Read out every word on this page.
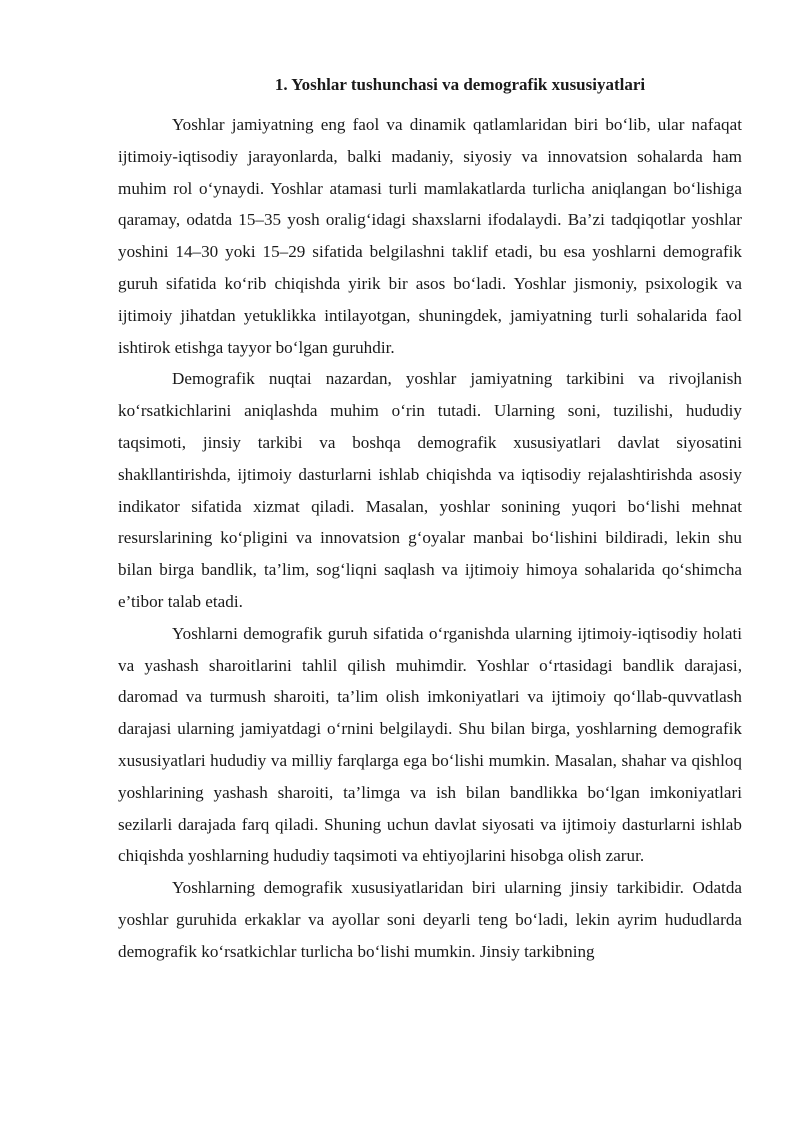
1. Yoshlar tushunchasi va demografik xususiyatlari

Yoshlar jamiyatning eng faol va dinamik qatlamlaridan biri bo‘lib, ular nafaqat ijtimoiy-iqtisodiy jarayonlarda, balki madaniy, siyosiy va innovatsion sohalarda ham muhim rol o‘ynaydi. Yoshlar atamasi turli mamlakatlarda turlicha aniqlangan bo‘lishiga qaramay, odatda 15–35 yosh oralig‘idagi shaxslarni ifodalaydi. Ba’zi tadqiqotlar yoshlar yoshini 14–30 yoki 15–29 sifatida belgilashni taklif etadi, bu esa yoshlarni demografik guruh sifatida ko‘rib chiqishda yirik bir asos bo‘ladi. Yoshlar jismoniy, psixologik va ijtimoiy jihatdan yetuklikka intilayotgan, shuningdek, jamiyatning turli sohalarida faol ishtirok etishga tayyor bo‘lgan guruhdir.

Demografik nuqtai nazardan, yoshlar jamiyatning tarkibini va rivojlanish ko‘rsatkichlarini aniqlashda muhim o‘rin tutadi. Ularning soni, tuzilishi, hududiy taqsimoti, jinsiy tarkibi va boshqa demografik xususiyatlari davlat siyosatini shakllantirishda, ijtimoiy dasturlarni ishlab chiqishda va iqtisodiy rejalashtirishda asosiy indikator sifatida xizmat qiladi. Masalan, yoshlar sonining yuqori bo‘lishi mehnat resurslarining ko‘pligini va innovatsion g‘oyalar manbai bo‘lishini bildiradi, lekin shu bilan birga bandlik, ta’lim, sog‘liqni saqlash va ijtimoiy himoya sohalarida qo‘shimcha e’tibor talab etadi.

Yoshlarni demografik guruh sifatida o‘rganishda ularning ijtimoiy-iqtisodiy holati va yashash sharoitlarini tahlil qilish muhimdir. Yoshlar o‘rtasidagi bandlik darajasi, daromad va turmush sharoiti, ta’lim olish imkoniyatlari va ijtimoiy qo‘llab-quvvatlash darajasi ularning jamiyatdagi o‘rnini belgilaydi. Shu bilan birga, yoshlarning demografik xususiyatlari hududiy va milliy farqlarga ega bo‘lishi mumkin. Masalan, shahar va qishloq yoshlarining yashash sharoiti, ta’limga va ish bilan bandlikka bo‘lgan imkoniyatlari sezilarli darajada farq qiladi. Shuning uchun davlat siyosati va ijtimoiy dasturlarni ishlab chiqishda yoshlarning hududiy taqsimoti va ehtiyojlarini hisobga olish zarur.

Yoshlarning demografik xususiyatlaridan biri ularning jinsiy tarkibidir. Odatda yoshlar guruhida erkaklar va ayollar soni deyarli teng bo‘ladi, lekin ayrim hududlarda demografik ko‘rsatkichlar turlicha bo‘lishi mumkin. Jinsiy tarkibning
